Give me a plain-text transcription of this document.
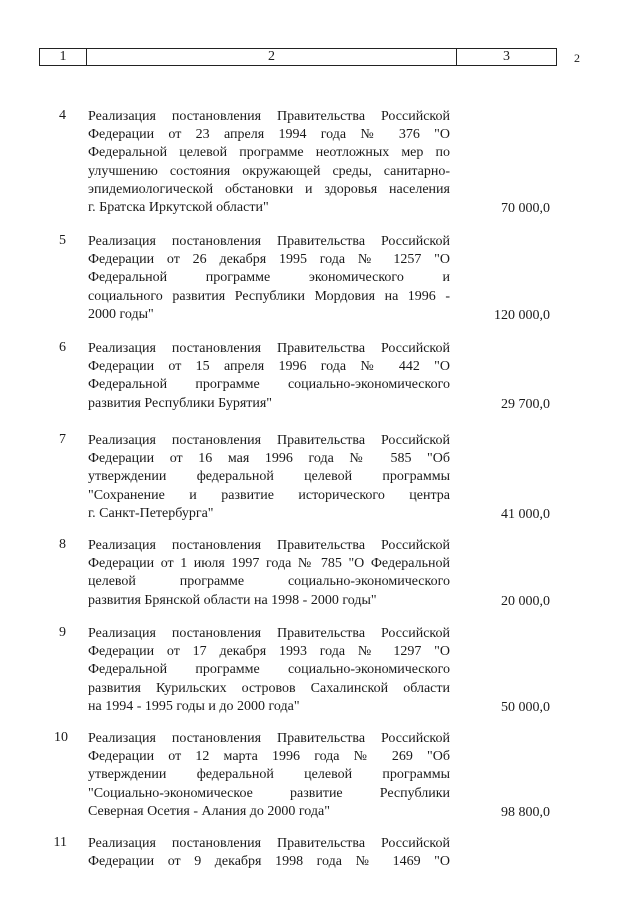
1	2	3	2
4 Реализация постановления Правительства Российской
Федерации от 23 апреля 1994 года № 376 "О
Федеральной целевой программе неотложных мер по
улучшению состояния окружающей среды, санитарно-
эпидемиологической обстановки и здоровья населения
г. Братска Иркутской области"	70 000,0
5 Реализация постановления Правительства Российской
Федерации от 26 декабря 1995 года № 1257 "О
Федеральной программе экономического и
социального развития Республики Мордовия на 1996 -
2000 годы"	120 000,0
6 Реализация постановления Правительства Российской
Федерации от 15 апреля 1996 года № 442 "О
Федеральной программе социально-экономического
развития Республики Бурятия"	29 700,0
7 Реализация постановления Правительства Российской
Федерации от 16 мая 1996 года № 585 "Об
утверждении федеральной целевой программы
"Сохранение и развитие исторического центра
г. Санкт-Петербурга"	41 000,0
8 Реализация постановления Правительства Российской
Федерации от 1 июля 1997 года № 785 "О Федеральной
целевой программе социально-экономического
развития Брянской области на 1998 - 2000 годы"	20 000,0
9 Реализация постановления Правительства Российской
Федерации от 17 декабря 1993 года № 1297 "О
Федеральной программе социально-экономического
развития Курильских островов Сахалинской области
на 1994 - 1995 годы и до 2000 года"	50 000,0
10 Реализация постановления Правительства Российской
Федерации от 12 марта 1996 года № 269 "Об
утверждении федеральной целевой программы
"Социально-экономическое развитие Республики
Северная Осетия - Алания до 2000 года"	98 800,0
11 Реализация постановления Правительства Российской
Федерации от 9 декабря 1998 года № 1469 "О
